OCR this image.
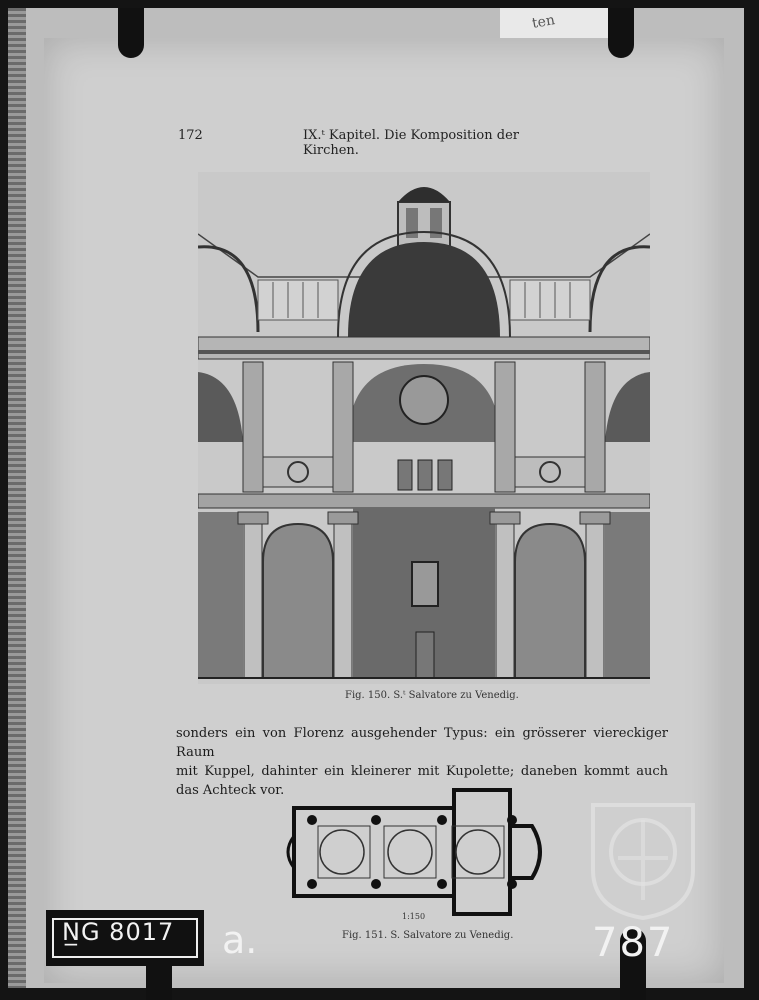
ten
172	IX.ᵗ Kapitel. Die Komposition der Kirchen.
Fig. 150. S.ᵗ Salvatore zu Venedig.
sonders ein von Florenz ausgehender Typus: ein grösserer viereckiger Raum
mit Kuppel, dahinter ein kleinerer mit Kupolette; daneben kommt auch
das Achteck vor.
1:150
Fig. 151. S. Salvatore zu Venedig.
N̲G 8017 a.	787
